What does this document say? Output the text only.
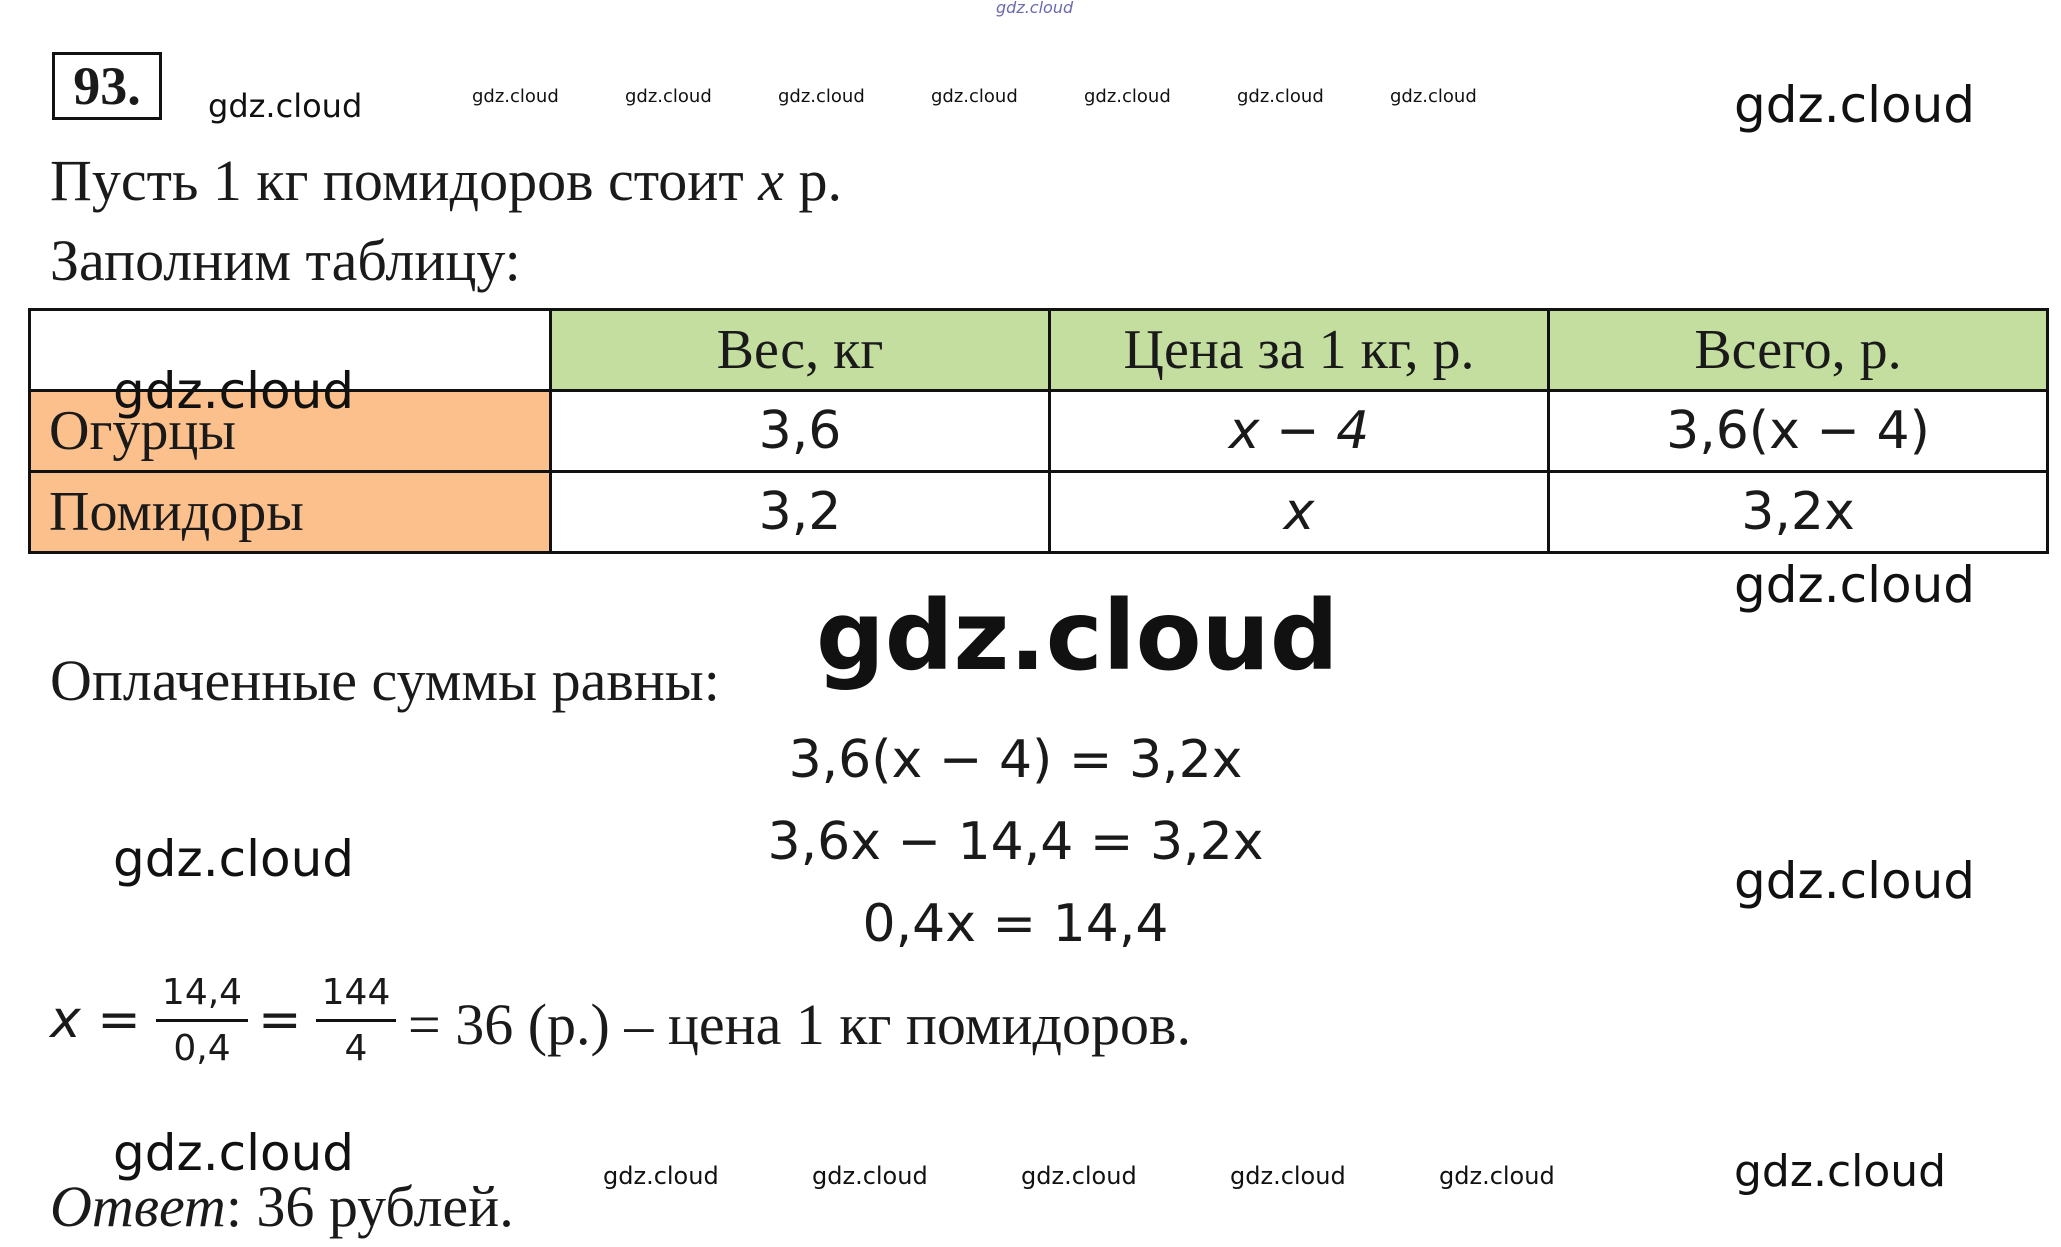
gdz.cloud
93.	gdz.cloud	gdz.cloud	gdz.cloud	gdz.cloud	gdz.cloud	gdz.cloud	gdz.cloud	gdz.cloud	gdz.cloud
Пусть 1 кг помидоров стоит x р.
Заполним таблицу:
	Вес, кг	Цена за 1 кг, р.	Всего, р.
Огурцы	3,6	x − 4	3,6(x − 4)
Помидоры	3,2	x	3,2x
gdz.cloud
gdz.cloud
gdz.cloud
Оплаченные суммы равны:
3,6(x − 4) = 3,2x
3,6x − 14,4 = 3,2x
0,4x = 14,4
gdz.cloud	gdz.cloud
x = 14,4
0,4 = 144
4 = 36 (р.) – цена 1 кг помидоров.
gdz.cloud	gdz.cloud	gdz.cloud	gdz.cloud	gdz.cloud	gdz.cloud	gdz.cloud
Ответ: 36 рублей.
